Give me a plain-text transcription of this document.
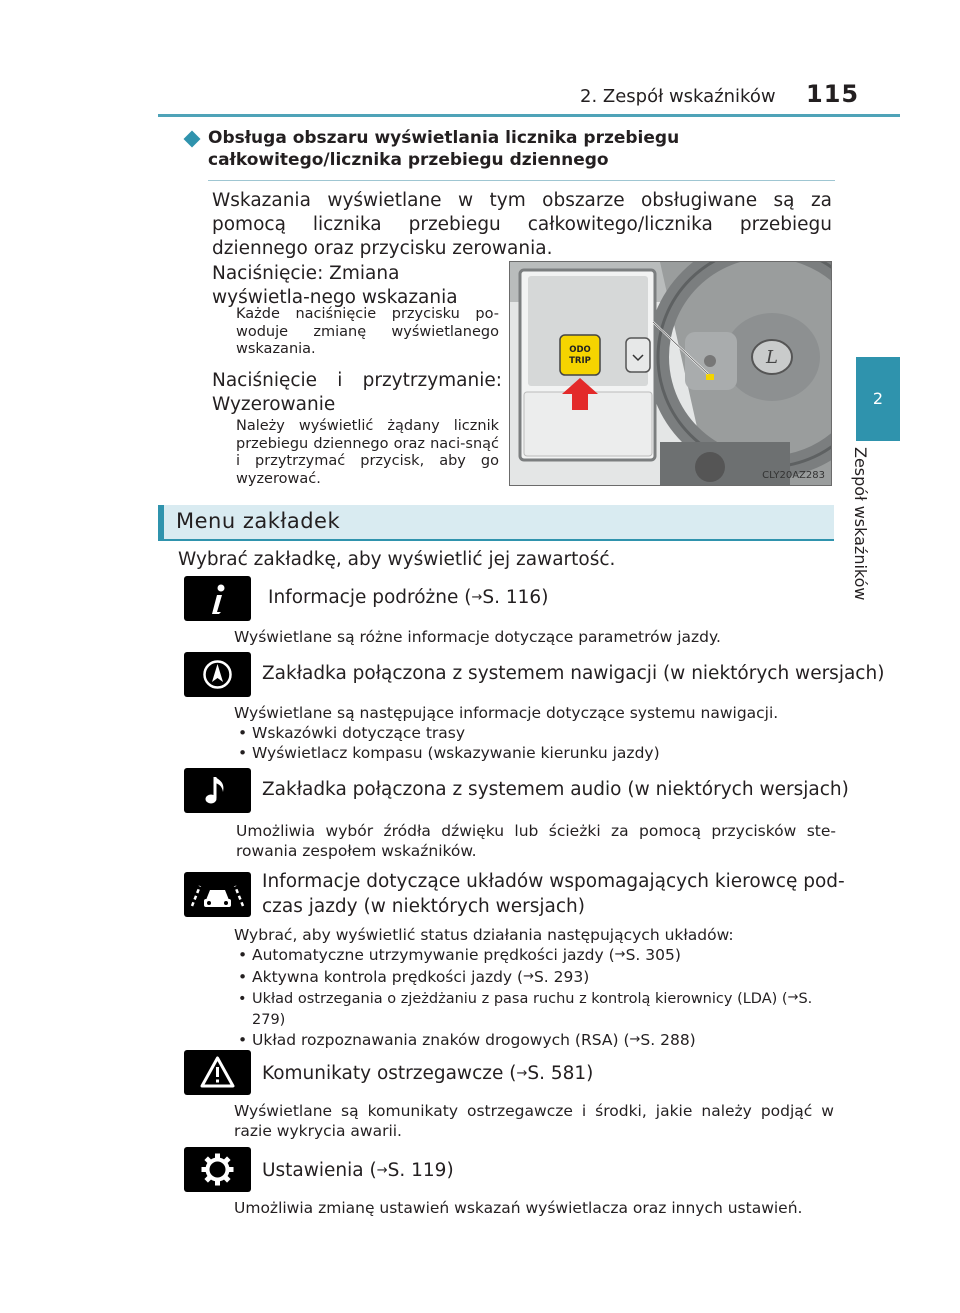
2. Zespół wskaźników 115
2
Zespół wskaźników
Obsługa obszaru wyświetlania licznika przebiegu całkowitego/licznika przebiegu dziennego
Wskazania wyświetlane w tym obszarze obsługiwane są za pomocą licznika przebiegu całkowitego/licznika przebiegu dziennego oraz przycisku zerowania.
Naciśnięcie: Zmiana wyświetla-nego wskazania
Każde naciśnięcie przycisku po-woduje zmianę wyświetlanego wskazania.
Naciśnięcie i przytrzymanie: Wyzerowanie
Należy wyświetlić żądany licznik przebiegu dziennego oraz naci-snąć i przytrzymać przycisk, aby go wyzerować.
L
ODO
TRIP
CLY20AZ283
Menu zakładek
Wybrać zakładkę, aby wyświetlić jej zawartość.
Informacje podróżne (→S. 116)
Wyświetlane są różne informacje dotyczące parametrów jazdy.
Zakładka połączona z systemem nawigacji (w niektórych wersjach)
Wyświetlane są następujące informacje dotyczące systemu nawigacji.
• Wskazówki dotyczące trasy
• Wyświetlacz kompasu (wskazywanie kierunku jazdy)
Zakładka połączona z systemem audio (w niektórych wersjach)
Umożliwia wybór źródła dźwięku lub ścieżki za pomocą przycisków ste-rowania zespołem wskaźników.
Informacje dotyczące układów wspomagających kierowcę pod-
czas jazdy (w niektórych wersjach)
Wybrać, aby wyświetlić status działania następujących układów:
• Automatyczne utrzymywanie prędkości jazdy (→S. 305)
• Aktywna kontrola prędkości jazdy (→S. 293)
• Układ ostrzegania o zjeżdżaniu z pasa ruchu z kontrolą kierownicy (LDA) (→S. 279)
• Układ rozpoznawania znaków drogowych (RSA) (→S. 288)
Komunikaty ostrzegawcze (→S. 581)
Wyświetlane są komunikaty ostrzegawcze i środki, jakie należy podjąć w razie wykrycia awarii.
Ustawienia (→S. 119)
Umożliwia zmianę ustawień wskazań wyświetlacza oraz innych ustawień.
